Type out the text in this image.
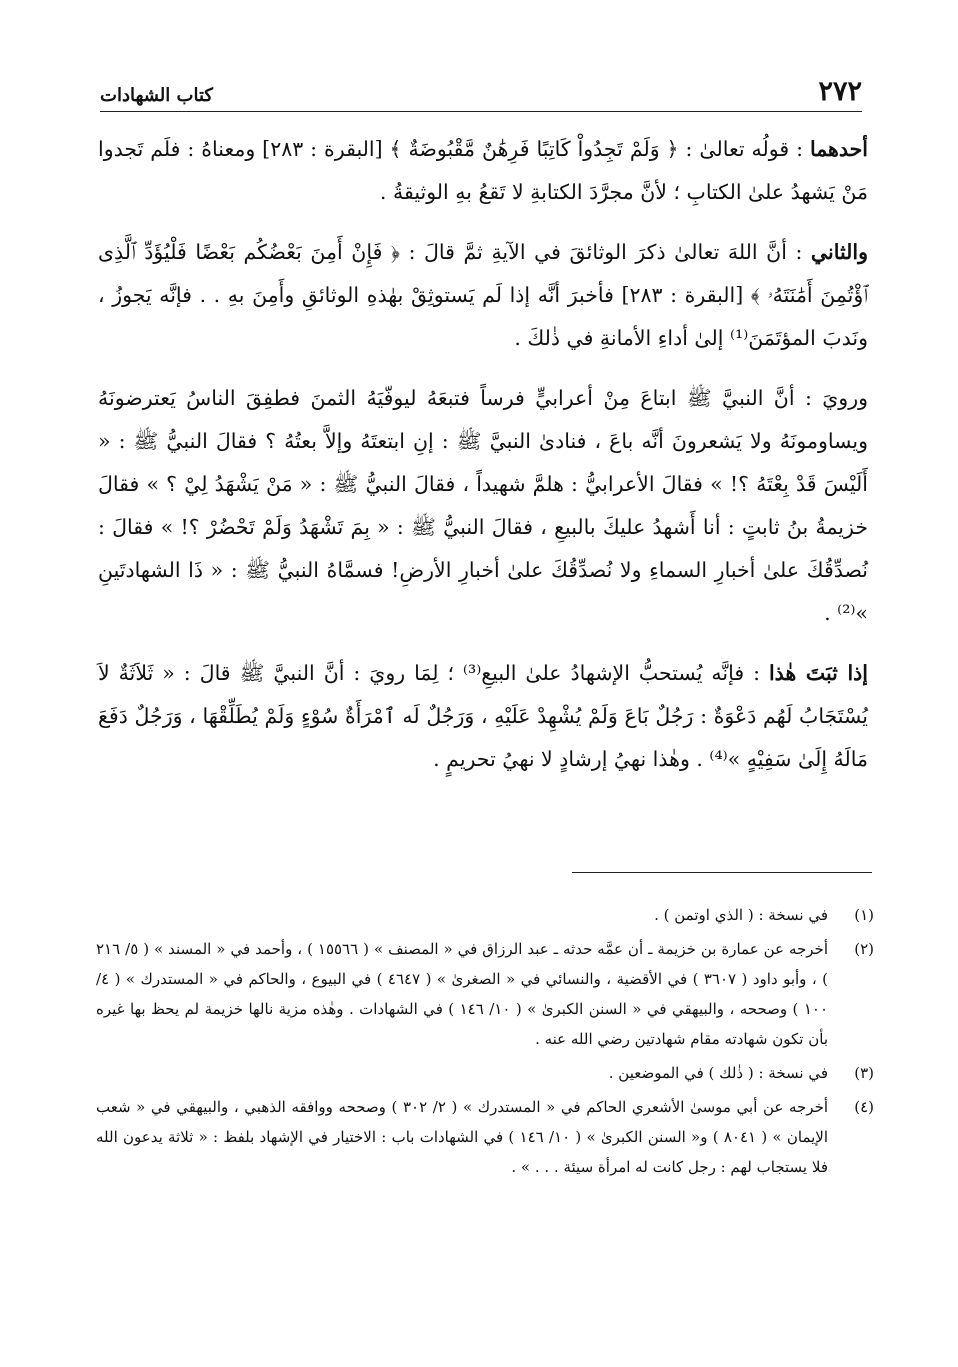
٢٧٢
كتاب الشهادات

أحدهما : قولُه تعالىٰ : ﴿ وَلَمْ تَجِدُواْ كَاتِبًا فَرِهَٰنٌ مَّقْبُوضَةٌ ﴾ [البقرة : ٢٨٣] ومعناهُ : فلَم تَجدوا مَنْ يَشهدُ علىٰ الكتابِ ؛ لأنَّ مجرَّدَ الكتابةِ لا تَقعُ بهِ الوثيقةُ .

والثاني : أنَّ اللهَ تعالىٰ ذكرَ الوثائقَ في الآيةِ ثمَّ قالَ : ﴿ فَإِنْ أَمِنَ بَعْضُكُم بَعْضًا فَلْيُؤَدِّ ٱلَّذِى ٱؤْتُمِنَ أَمَٰنَتَهُۥ ﴾ [البقرة : ٢٨٣] فأخبرَ أنَّه إذا لَم يَستوثِقْ بهٰذهِ الوثائقِ وأَمِنَ بهِ . . فإنَّه يَجوزُ ، ونَدبَ المؤتَمَنَ⁽¹⁾ إلىٰ أداءِ الأمانةِ في ذٰلكَ .

ورويَ : أنَّ النبيَّ ﷺ ابتاعَ مِنْ أعرابيٍّ فرساً فتبعَهُ ليوفّيَهُ الثمنَ فطفِقَ الناسُ يَعترضونَهُ ويساومونَهُ ولا يَشعرونَ أنَّه باعَ ، فنادىٰ النبيَّ ﷺ : إنِ ابتعتَهُ وإلاَّ بعتُهُ ؟ فقالَ النبيُّ ﷺ : « أَلَيْسَ قَدْ بِعْتَهُ ؟! » فقالَ الأعرابيُّ : هلمَّ شهيداً ، فقالَ النبيُّ ﷺ : « مَنْ يَشْهَدُ لِيْ ؟ » فقالَ خزيمةُ بنُ ثابتٍ : أنا أَشهدُ عليكَ بالبيعِ ، فقالَ النبيُّ ﷺ : « بِمَ تَشْهَدُ وَلَمْ تَحْضُرْ ؟! » فقالَ : نُصدِّقُكَ علىٰ أخبارِ السماءِ ولا نُصدِّقُكَ علىٰ أخبارِ الأرضِ! فسمَّاهُ النبيُّ ﷺ : « ذَا الشهادتَينِ »⁽²⁾ .

إذا ثبَتَ هٰذا : فإنَّه يُستحبُّ الإشهادُ علىٰ البيعِ⁽³⁾ ؛ لِمَا رويَ : أنَّ النبيَّ ﷺ قالَ : « ثَلاَثَةٌ لاَ يُسْتَجَابُ لَهُم دَعْوَةٌ : رَجُلٌ بَاعَ وَلَمْ يُشْهِدْ عَلَيْهِ ، وَرَجُلٌ لَه ٱمْرَأَةٌ سُوْءٍ وَلَمْ يُطَلِّقْهَا ، وَرَجُلٌ دَفَعَ مَالَهُ إِلَىٰ سَفِيْهٍ »⁽⁴⁾ . وهٰذا نهيُ إرشادٍ لا نهيُ تحريمٍ .

(١)
في نسخة : ( الذي اوتمن ) .
(٢)
أخرجه عن عمارة بن خزيمة ـ أن عمَّه حدثه ـ عبد الرزاق في « المصنف » ( ١٥٥٦٦ ) ، وأحمد في « المسند » ( ٥/ ٢١٦ ) ، وأبو داود ( ٣٦٠٧ ) في الأقضية ، والنسائي في « الصغرىٰ » ( ٤٦٤٧ ) في البيوع ، والحاكم في « المستدرك » ( ٤/ ١٠٠ ) وصححه ، والبيهقي في « السنن الكبرىٰ » ( ١٠/ ١٤٦ ) في الشهادات . وهٰذه مزية نالها خزيمة لم يحظ بها غيره بأن تكون شهادته مقام شهادتين رضي الله عنه .
(٣)
في نسخة : ( ذٰلك ) في الموضعين .
(٤)
أخرجه عن أبي موسىٰ الأشعري الحاكم في « المستدرك » ( ٢/ ٣٠٢ ) وصححه ووافقه الذهبي ، والبيهقي في « شعب الإيمان » ( ٨٠٤١ ) و« السنن الكبرىٰ » ( ١٠/ ١٤٦ ) في الشهادات باب : الاختيار في الإشهاد بلفظ : « ثلاثة يدعون الله فلا يستجاب لهم : رجل كانت له امرأة سيئة . . . » .
